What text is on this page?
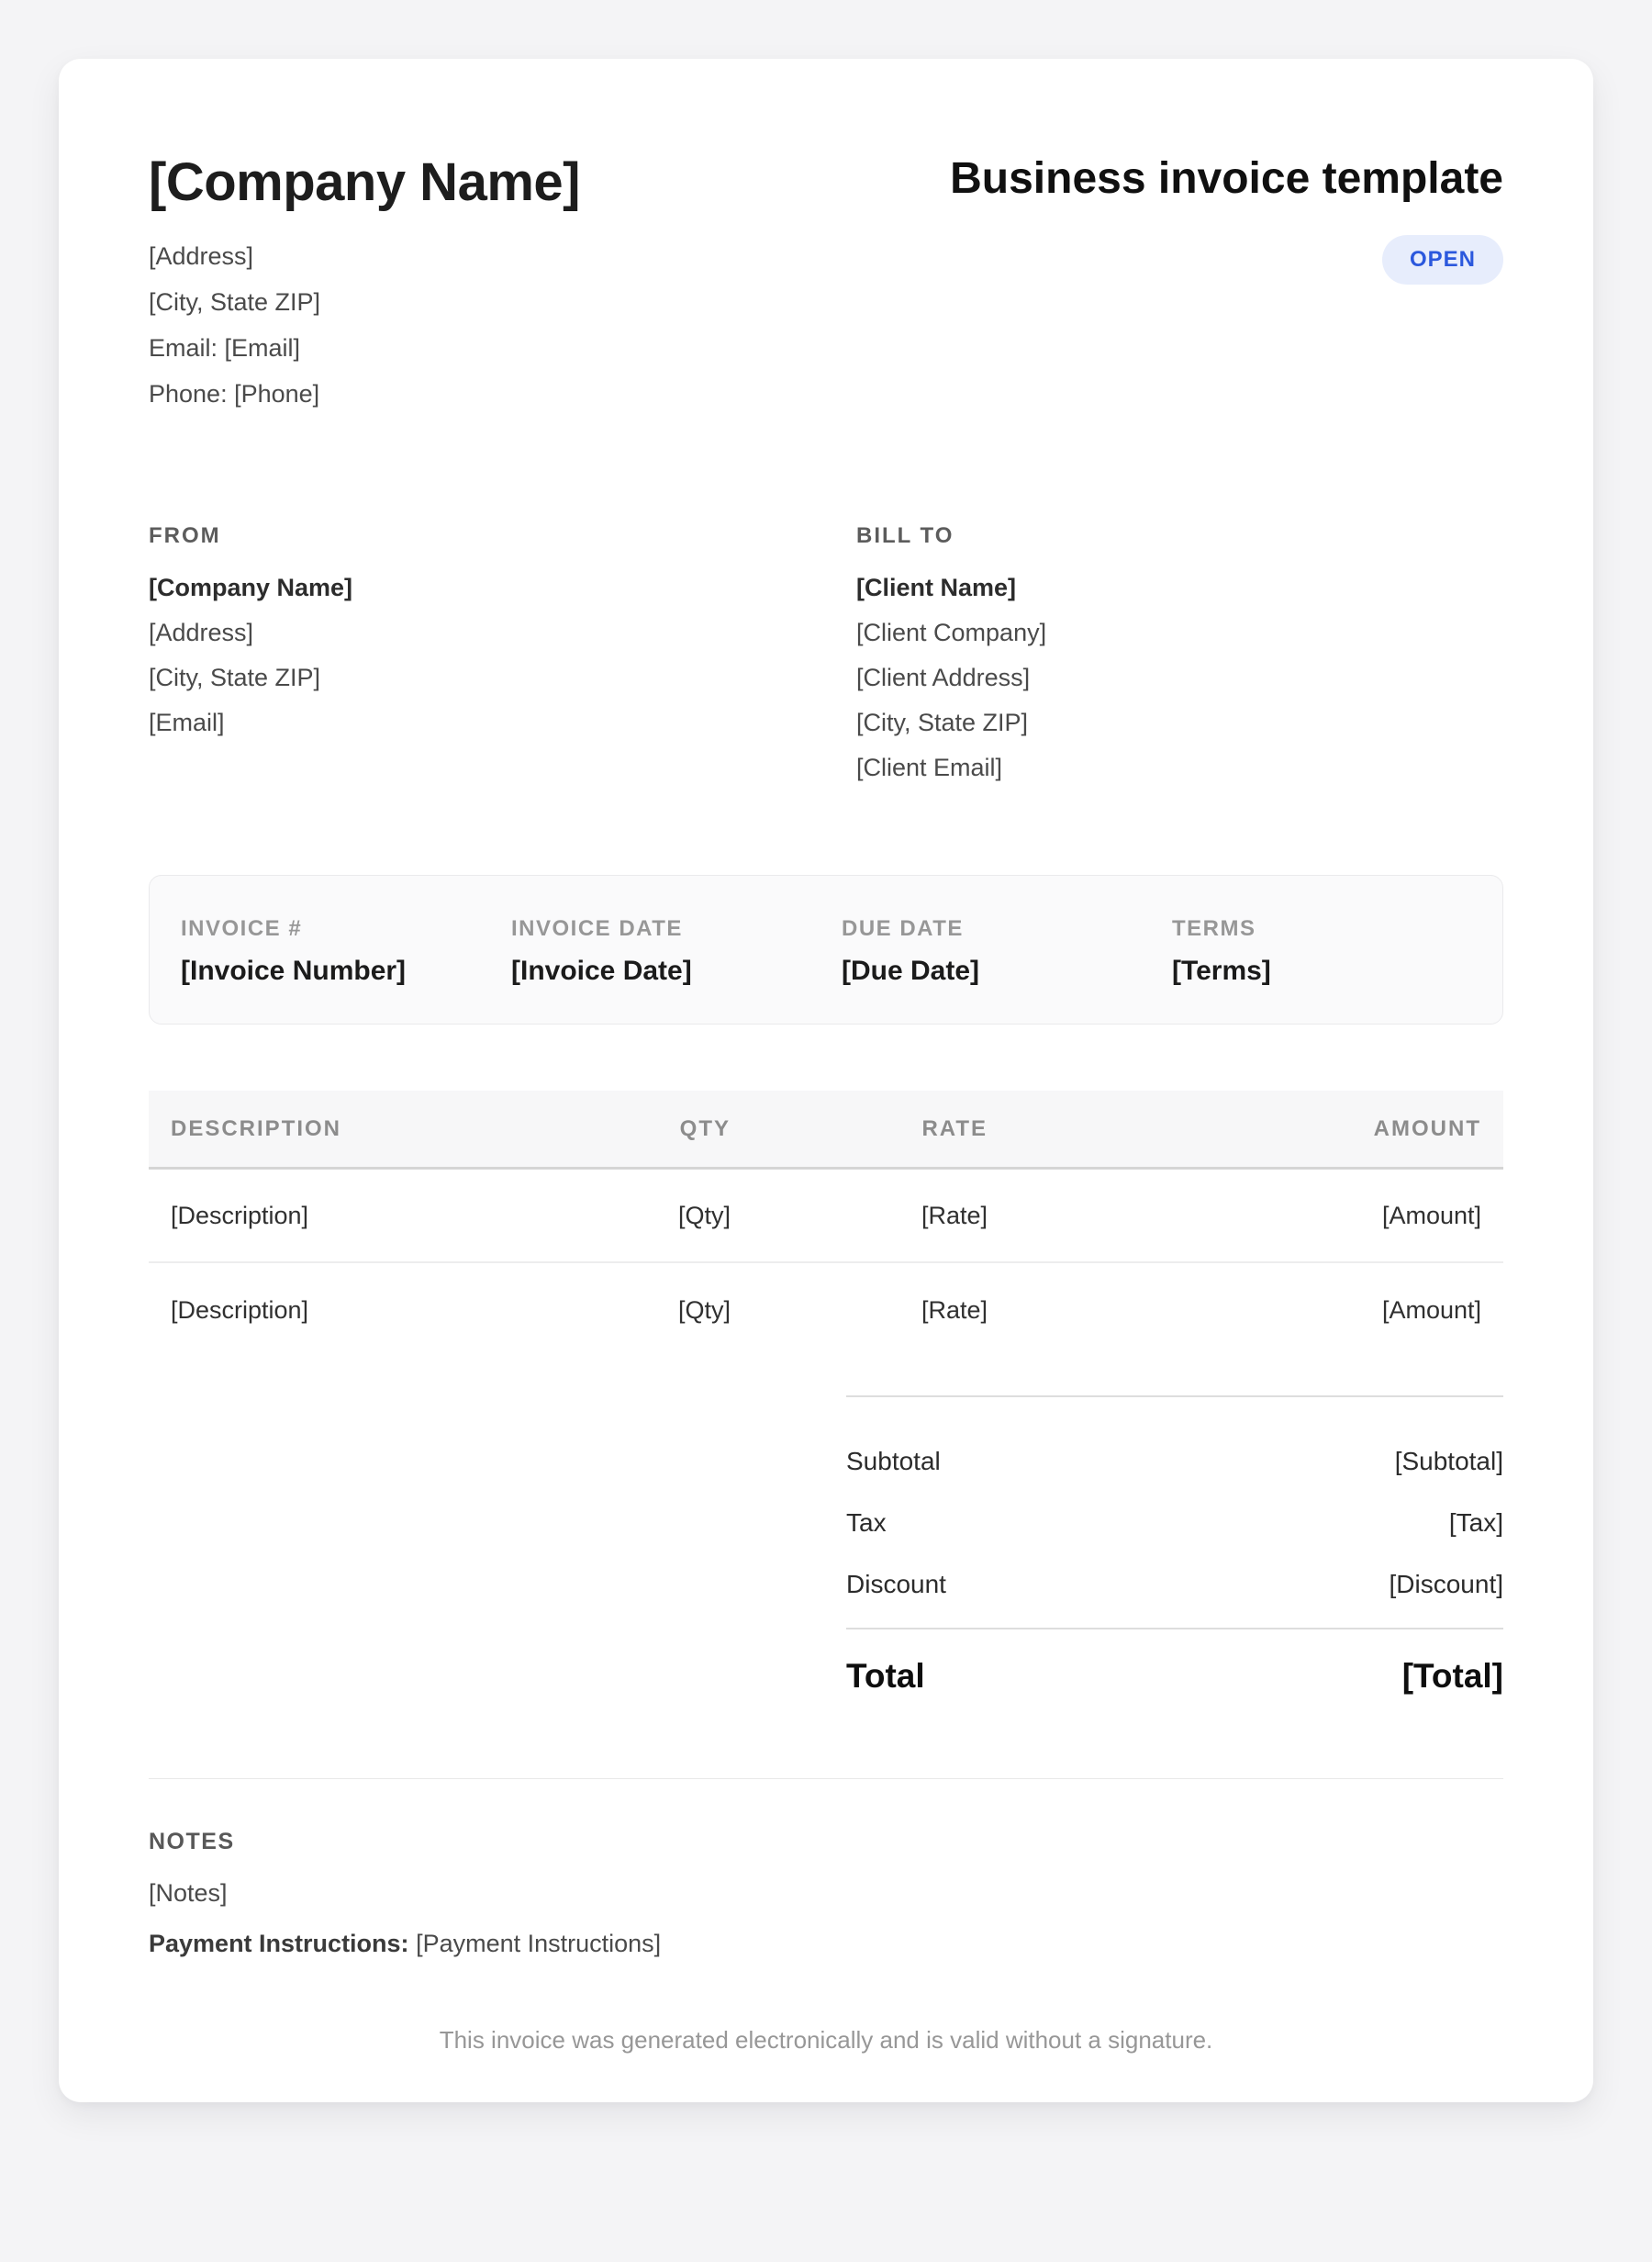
[Company Name]
[Address]
[City, State ZIP]
Email: [Email]
Phone: [Phone]
Business invoice template
OPEN
FROM
[Company Name]
[Address]
[City, State ZIP]
[Email]
BILL TO
[Client Name]
[Client Company]
[Client Address]
[City, State ZIP]
[Client Email]
INVOICE #
[Invoice Number]
INVOICE DATE
[Invoice Date]
DUE DATE
[Due Date]
TERMS
[Terms]
DESCRIPTION	QTY	RATE	AMOUNT
[Description]	[Qty]	[Rate]	[Amount]
[Description]	[Qty]	[Rate]	[Amount]
Subtotal	[Subtotal]
Tax	[Tax]
Discount	[Discount]
Total	[Total]
NOTES
[Notes]
Payment Instructions: [Payment Instructions]
This invoice was generated electronically and is valid without a signature.
